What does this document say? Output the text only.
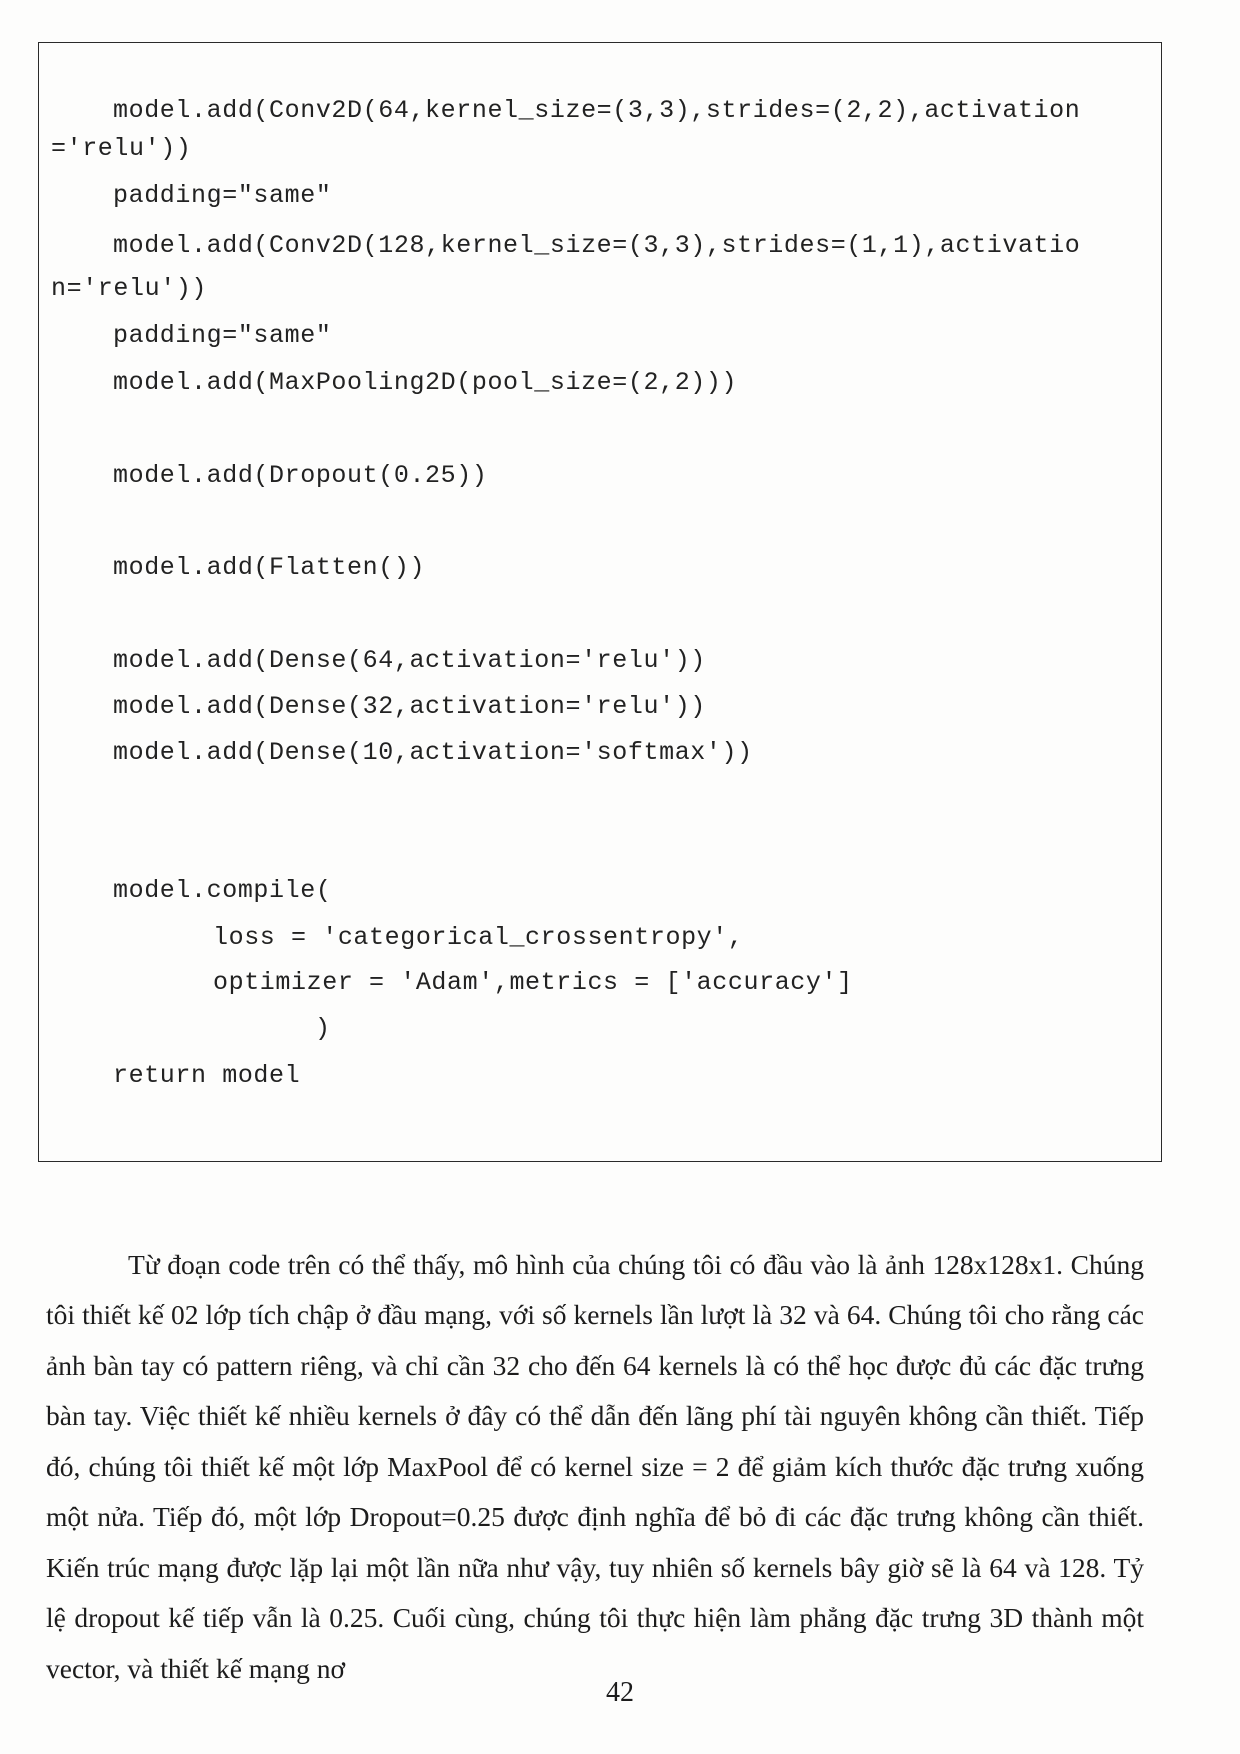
model.add(Conv2D(64,kernel_size=(3,3),strides=(2,2),activation
='relu'))
padding="same"
model.add(Conv2D(128,kernel_size=(3,3),strides=(1,1),activatio
n='relu'))
padding="same"
model.add(MaxPooling2D(pool_size=(2,2)))
model.add(Dropout(0.25))
model.add(Flatten())
model.add(Dense(64,activation='relu'))
model.add(Dense(32,activation='relu'))
model.add(Dense(10,activation='softmax'))
model.compile(
loss = 'categorical_crossentropy',
optimizer = 'Adam',metrics = ['accuracy']
)
return model

Từ đoạn code trên có thể thấy, mô hình của chúng tôi có đầu vào là ảnh 128x128x1. Chúng tôi thiết kế 02 lớp tích chập ở đầu mạng, với số kernels lần lượt là 32 và 64. Chúng tôi cho rằng các ảnh bàn tay có pattern riêng, và chỉ cần 32 cho đến 64 kernels là có thể học được đủ các đặc trưng bàn tay. Việc thiết kế nhiều kernels ở đây có thể dẫn đến lãng phí tài nguyên không cần thiết. Tiếp đó, chúng tôi thiết kế một lớp MaxPool để có kernel size = 2 để giảm kích thước đặc trưng xuống một nửa. Tiếp đó, một lớp Dropout=0.25 được định nghĩa để bỏ đi các đặc trưng không cần thiết. Kiến trúc mạng được lặp lại một lần nữa như vậy, tuy nhiên số kernels bây giờ sẽ là 64 và 128. Tỷ lệ dropout kế tiếp vẫn là 0.25. Cuối cùng, chúng tôi thực hiện làm phẳng đặc trưng 3D thành một vector, và thiết kế mạng nơ

42
